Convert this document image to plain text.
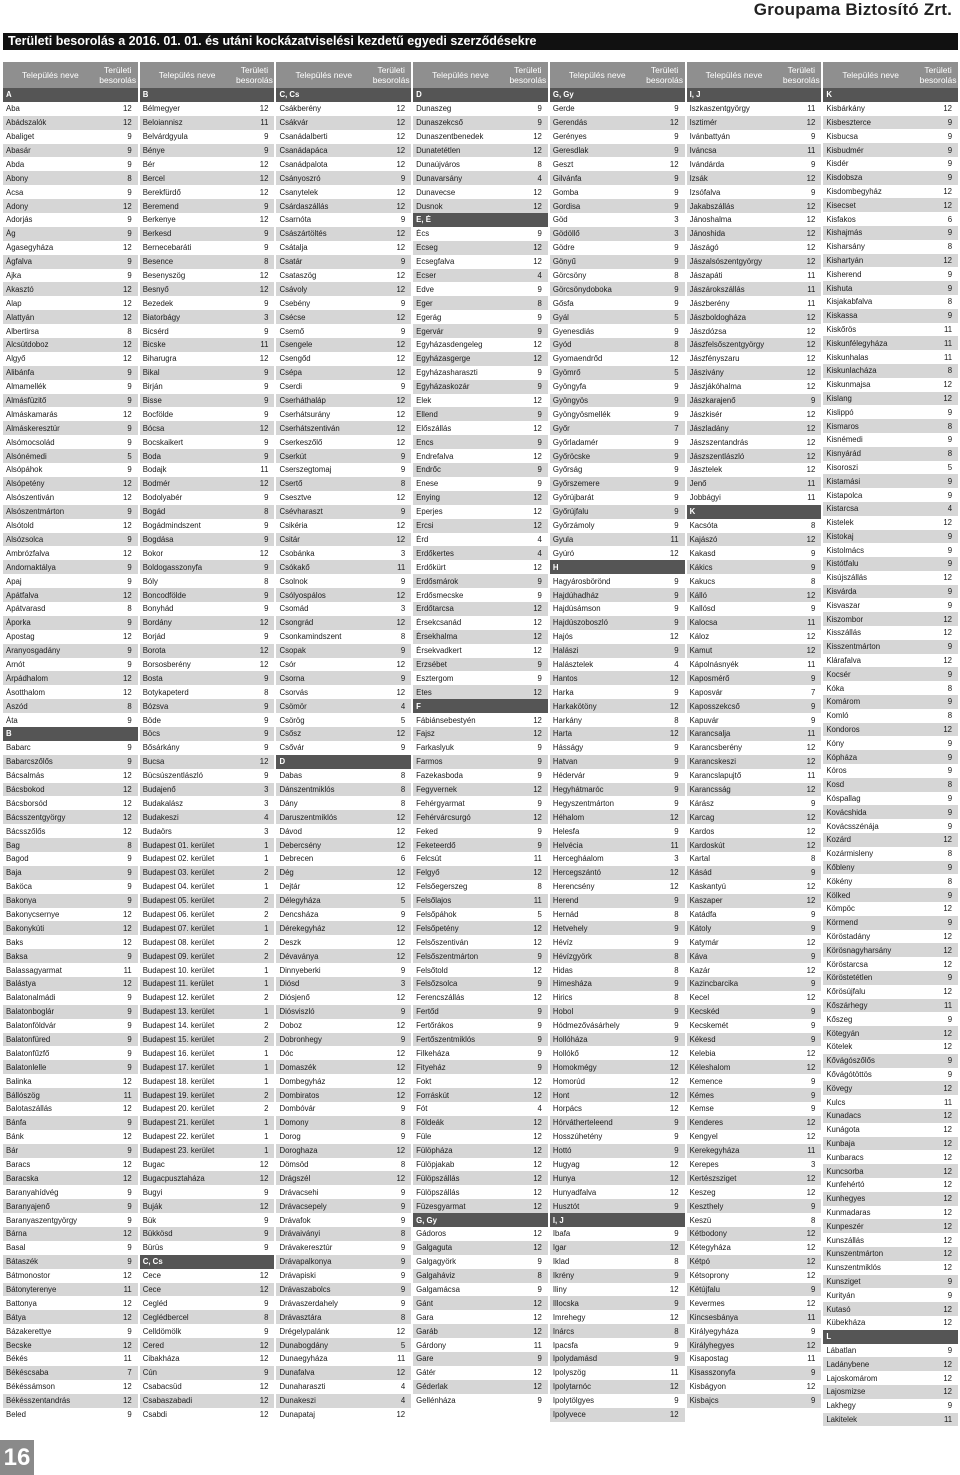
Groupama Biztosító Zrt.
Területi besorolás a 2016. 01. 01. és utáni kockázatviselési kezdetű egyedi szerződésekre
Település neve	Területi
besorolás
A
Aba	12
Abádszalók	12
Abaliget	9
Abasár	9
Abda	9
Abony	8
Acsa	9
Adony	12
Adorjás	9
Ág	9
Ágasegyháza	12
Ágfalva	9
Ajka	9
Akasztó	12
Alap	12
Alattyán	12
Albertirsa	8
Alcsútdoboz	12
Algyő	12
Alibánfa	9
Almamellék	9
Almásfüzitő	9
Almáskamarás	12
Almáskeresztúr	9
Alsómocsolád	9
Alsónémedi	5
Alsópáhok	9
Alsópetény	12
Alsószentiván	12
Alsószentmárton	9
Alsótold	12
Alsózsolca	9
Ambrózfalva	12
Andornaktálya	9
Apaj	9
Apátfalva	12
Apátvarasd	8
Áporka	9
Apostag	12
Aranyosgadány	9
Arnót	9
Árpádhalom	12
Ásotthalom	12
Aszód	8
Áta	9
B
Babarc	9
Babarcszőlős	9
Bácsalmás	12
Bácsbokod	12
Bácsborsód	12
Bácsszentgyörgy	12
Bácsszőlős	12
Bag	8
Bagod	9
Baja	9
Baköca	9
Bakonya	9
Bakonycsernye	12
Bakonykúti	12
Baks	12
Baksa	9
Balassagyarmat	11
Balástya	12
Balatonalmádi	9
Balatonboglár	9
Balatonföldvár	9
Balatonfüred	9
Balatonfűzfő	9
Balatonlelle	9
Balinka	12
Bállószög	11
Balotaszállás	12
Bánfa	9
Bánk	12
Bár	9
Baracs	12
Baracska	12
Baranyahídvég	9
Baranyajenő	9
Baranyaszentgyörgy	9
Bárna	12
Basal	9
Bátaszék	9
Bátmonostor	12
Bátonyterenye	11
Battonya	12
Bátya	12
Bázakerettye	9
Becske	12
Békés	11
Békéscsaba	7
Békéssámson	12
Békésszentandrás	12
Beled	9
Település neve	Területi
besorolás
B
Bélmegyer	12
Beloiannisz	11
Belvárdgyula	9
Bénye	9
Bér	12
Bercel	12
Berekfürdő	12
Beremend	9
Berkenye	12
Berkesd	9
Bernecebaráti	9
Besence	8
Besenyszög	12
Besnyő	12
Bezedek	9
Biatorbágy	3
Bicsérd	9
Bicske	11
Biharugra	12
Bikal	9
Birján	9
Bisse	9
Bocfölde	9
Bócsa	12
Bocskaikert	9
Boda	9
Bodajk	11
Bodmér	12
Bodolyabér	9
Bogád	8
Bogádmindszent	9
Bogdása	9
Bokor	12
Boldogasszonyfa	9
Bóly	8
Boncodfölde	9
Bonyhád	9
Bordány	12
Borjád	9
Borota	12
Borsosberény	12
Bosta	9
Botykapeterd	8
Bózsva	9
Böde	9
Böcs	9
Bősárkány	9
Bucsa	12
Bücsúszentlászló	9
Budajenő	3
Budakalász	3
Budakeszi	4
Budaörs	3
Budapest 01. kerület	1
Budapest 02. kerület	1
Budapest 03. kerület	2
Budapest 04. kerület	1
Budapest 05. kerület	2
Budapest 06. kerület	2
Budapest 07. kerület	1
Budapest 08. kerület	2
Budapest 09. kerület	2
Budapest 10. kerület	1
Budapest 11. kerület	1
Budapest 12. kerület	2
Budapest 13. kerület	1
Budapest 14. kerület	2
Budapest 15. kerület	2
Budapest 16. kerület	1
Budapest 17. kerület	1
Budapest 18. kerület	1
Budapest 19. kerület	2
Budapest 20. kerület	2
Budapest 21. kerület	1
Budapest 22. kerület	1
Budapest 23. kerület	1
Bugac	12
Bugacpusztaháza	12
Bugyi	9
Buják	12
Bük	9
Bükkösd	9
Bürüs	9
C, Cs
Cece	12
Cece	12
Cegléd	9
Ceglédbercel	8
Celldömölk	9
Cered	12
Cibakháza	12
Cún	9
Csabacsüd	12
Csabaszabadi	12
Csabdi	12
Település neve	Területi
besorolás
C, Cs
Csákberény	12
Csákvár	12
Csanádalberti	12
Csanádapáca	12
Csanádpalota	12
Csányoszró	9
Csanytelek	12
Csárdaszállás	12
Csarnóta	9
Császártöltés	12
Csátalja	12
Csatár	9
Csataszög	12
Csávoly	12
Csebény	9
Csécse	12
Csemő	9
Csengele	12
Csengőd	12
Csépa	12
Cserdi	9
Cserháthaláp	12
Cserhátsurány	12
Cserhátszentiván	12
Cserkeszőlő	12
Cserkút	9
Cserszegtomaj	9
Csertő	8
Csesztve	12
Csévharaszt	9
Csikéria	12
Csitár	12
Csobánka	3
Csókakő	11
Csolnok	9
Csólyospálos	12
Csomád	3
Csongrád	12
Csonkamindszent	8
Csopak	9
Csór	12
Csorna	9
Csorvás	12
Csömör	4
Csörög	5
Csősz	12
Csővár	9
D
Dabas	8
Dánszentmiklós	8
Dány	8
Daruszentmiklós	12
Dávod	12
Debercsény	12
Debrecen	6
Dég	12
Dejtár	12
Délegyháza	5
Dencsháza	9
Dérekegyház	12
Deszk	12
Dévaványa	12
Dinnyeberki	9
Diósd	3
Diósjenő	12
Diósviszló	9
Doboz	12
Dobronhegy	9
Dóc	12
Domaszék	12
Dombegyház	12
Dombiratos	12
Dombóvár	9
Domony	8
Dorog	9
Doroghaza	12
Dömsöd	8
Drágszél	12
Drávacsehi	9
Drávacsepely	9
Drávafok	9
Drávaiványi	8
Drávakeresztúr	9
Drávapalkonya	9
Drávapiski	9
Drávaszabolcs	9
Drávaszerdahely	9
Drávasztára	8
Drégelypalánk	12
Dunabogdány	5
Dunaegyháza	11
Dunafalva	12
Dunaharaszti	4
Dunakeszi	4
Dunapataj	12
Település neve	Területi
besorolás
D
Dunaszeg	9
Dunaszekcső	9
Dunaszentbenedek	12
Dunatetétlen	12
Dunaújváros	8
Dunavarsány	4
Dunavecse	12
Dusnok	12
E, É
Écs	9
Ecseg	12
Ecsegfalva	12
Ecser	4
Edve	9
Eger	8
Egerág	9
Egervár	9
Egyházasdengeleg	12
Egyházasgerge	12
Egyházasharaszti	9
Egyházaskozár	9
Elek	12
Ellend	9
Előszállás	12
Encs	9
Endrefalva	12
Endrőc	9
Enese	9
Enying	12
Eperjes	12
Ercsi	12
Érd	4
Erdőkertes	4
Erdőkürt	12
Erdősmárok	9
Erdősmecske	9
Erdőtarcsa	12
Érsekcsanád	12
Érsekhalma	12
Érsekvadkert	12
Erzsébet	9
Esztergom	9
Etes	12
F
Fábiánsebestyén	12
Fajsz	12
Farkaslyuk	9
Farmos	9
Fazekasboda	9
Fegyvernek	12
Fehérgyarmat	9
Fehérvárcsurgó	12
Feked	9
Feketeerdő	9
Felcsút	11
Felgyő	12
Felsőegerszeg	8
Felsőlajos	11
Felsőpáhok	5
Felsőpetény	12
Felsőszentiván	12
Felsőszentmárton	9
Felsőtold	12
Felsőzsolca	9
Ferencszállás	12
Fertőd	9
Fertőrákos	9
Fertőszentmiklós	9
Filkeháza	9
Fityeház	9
Fokt	12
Forráskút	12
Fót	4
Földeák	12
Füle	12
Fülöpháza	12
Fülöpjakab	12
Fülöpszállás	12
Fülöpszállás	12
Füzesgyarmat	12
G, Gy
Gádoros	12
Galgaguta	12
Galgagyörk	9
Galgaháviz	8
Galgamácsa	9
Gánt	12
Gara	12
Garáb	12
Gárdony	11
Gare	9
Gátér	12
Géderlak	12
Gellénháza	9
Település neve	Területi
besorolás
G, Gy
Gerde	9
Gerendás	12
Gerényes	9
Geresdlak	9
Geszt	12
Gilvánfa	9
Gomba	9
Gordisa	9
Göd	3
Gödöllő	3
Gödre	9
Gönyű	9
Görcsöny	8
Görcsönydoboka	9
Gősfa	9
Gyál	5
Gyenesdiás	9
Gyód	8
Gyomaendrőd	12
Gyömrő	5
Gyöngyfa	9
Gyöngyös	9
Gyöngyösmellék	9
Győr	7
Győrladamér	9
Győröcske	9
Győrság	9
Győrszemere	9
Győrújbarát	9
Győrújfalu	9
Győrzámoly	9
Gyula	11
Gyúró	12
H
Hagyárosbörönd	9
Hajdúhadház	9
Hajdúsámson	9
Hajdúszoboszló	9
Hajós	12
Halászi	9
Halásztelek	4
Hantos	12
Harka	9
Harkakötöny	12
Harkány	8
Harta	12
Hásságy	9
Hatvan	9
Hédervár	9
Hegyhátmaróc	9
Hegyszentmárton	9
Héhalom	12
Helesfa	9
Helvécia	11
Hercegháalom	3
Hercegszántó	12
Herencsény	12
Herend	9
Hernád	8
Hetvehely	9
Hévíz	9
Hévízgyörk	8
Hidas	8
Himesháza	9
Hirics	8
Hobol	9
Hódmezővásárhely	9
Hollóháza	9
Hollókő	12
Homokmégy	12
Homorúd	12
Hont	12
Horpács	12
Hórvátherteleend	9
Hosszúhetény	9
Hottó	9
Hugyag	12
Hunya	12
Hunyadfalva	12
Husztót	9
I, J
Ibafa	9
Igar	12
Iklad	8
Ikrény	9
Iliny	12
Illocska	9
Imrehegy	12
Inárcs	8
Ipacsfa	9
Ipolydamásd	9
Ipolyszög	11
Ipolytarnóc	12
Ipolytölgyes	9
Ipolyvece	12
Település neve	Területi
besorolás
I, J
Iszkaszentgyörgy	11
Isztimér	12
Ivánbattyán	9
Iváncsa	11
Ivándárda	9
Izsák	12
Izsófalva	9
Jakabszállás	12
Jánoshalma	12
Jánoshida	12
Jászágó	12
Jászalsószentgyörgy	12
Jászapáti	11
Jászárokszállás	11
Jászberény	11
Jászboldogháza	12
Jászdózsa	12
Jászfelsőszentgyörgy	12
Jászfényszaru	12
Jászivány	12
Jászjákóhalma	12
Jászkarajenő	9
Jászkisér	12
Jászladány	12
Jászszentandrás	12
Jászszentlászló	12
Jásztelek	12
Jenő	11
Jobbágyi	11
K
Kacsóta	8
Kajászó	12
Kakasd	9
Kákics	9
Kakucs	8
Kálló	12
Kallósd	9
Kalocsa	11
Káloz	12
Kamut	12
Kápolnásnyék	11
Kaposmérő	9
Kaposvár	7
Kaposszekcső	9
Kapuvár	9
Karancsalja	11
Karancsberény	12
Karancskeszi	12
Karancslapujtő	11
Karancsság	12
Kárász	9
Karcag	12
Kardos	12
Kardoskút	12
Kartal	8
Kásád	9
Kaskantyú	12
Kaszaper	12
Katádfa	9
Kátoly	9
Katymár	12
Káva	9
Kazár	12
Kazincbarcika	9
Kecel	12
Kecskéd	9
Kecskemét	9
Kékesd	9
Kelebia	12
Kéleshalom	12
Kemence	9
Kémes	9
Kemse	9
Kenderes	12
Kengyel	12
Kerekegyháza	11
Kerepes	3
Kertészsziget	12
Keszeg	12
Keszthely	9
Keszü	8
Kétbodony	12
Kétegyháza	12
Kétpó	12
Kétsoprony	12
Kétújfalu	9
Kevermes	12
Kincsesbánya	11
Királyegyháza	9
Királyhegyes	12
Kisapostag	11
Kisasszonyfa	9
Kisbágyon	12
Kisbajcs	9
Település neve	Területi
besorolás
K
Kisbárkány	12
Kisbeszterce	9
Kisbucsa	9
Kisbudmér	9
Kisdér	9
Kisdobsza	9
Kisdombegyház	12
Kisecset	12
Kisfakos	6
Kishajmás	9
Kisharsány	8
Kishartyán	12
Kisherend	9
Kishuta	9
Kisjakabfalva	8
Kiskassa	9
Kiskőrös	11
Kiskunfélegyháza	11
Kiskunhalas	11
Kiskunlacháza	8
Kiskunmajsa	12
Kislang	12
Kislippó	9
Kismaros	8
Kisnémedi	9
Kisnyárád	8
Kisoroszi	5
Kistamási	9
Kistapolca	9
Kistarcsa	4
Kistelek	12
Kistokaj	9
Kistolmács	9
Kistótfalu	9
Kisújszállás	12
Kisvárda	9
Kisvaszar	9
Kiszombor	12
Kisszállás	12
Kisszentmárton	9
Klárafalva	12
Kocsér	9
Kóka	8
Komárom	9
Komló	8
Kondoros	12
Kóny	9
Kópháza	9
Kóros	9
Kosd	8
Kóspallag	9
Kovácshida	9
Kovácsszénája	9
Kozárd	12
Kozármisleny	8
Kőbleny	9
Kökény	8
Kölked	9
Kömpöc	12
Körmend	9
Köröstadány	12
Körösnagyharsány	12
Köröstarcsa	12
Köröstetétlen	9
Kőrösújfalu	12
Kőszárhegy	11
Kőszeg	9
Kötegyán	12
Kötelek	12
Kővágószőlős	9
Kővágótöttös	9
Kövegy	12
Kulcs	11
Kunadacs	12
Kunágota	12
Kunbaja	12
Kunbaracs	12
Kuncsorba	12
Kunfehértó	12
Kunhegyes	12
Kunmadaras	12
Kunpeszér	12
Kunszállás	12
Kunszentmárton	12
Kunszentmiklós	12
Kunsziget	9
Kurityán	9
Kutasó	12
Kübekháza	12
L
Lábatlan	9
Ladánybene	12
Lajoskomárom	12
Lajosmizse	12
Lakhegy	9
Lakitelek	11
16
